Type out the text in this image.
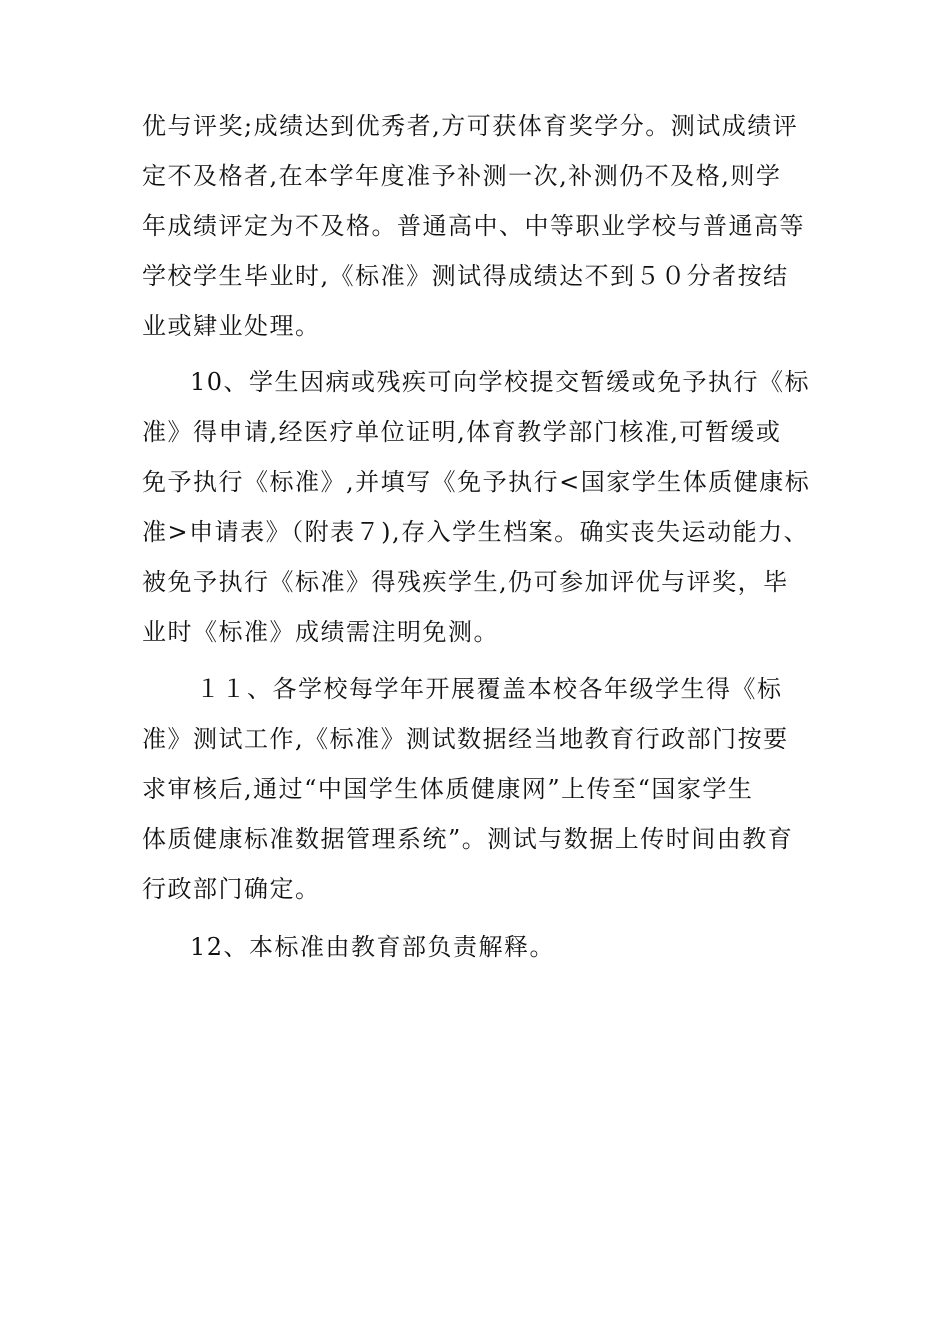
优与评奖;成绩达到优秀者,方可获体育奖学分。测试成绩评
定不及格者,在本学年度准予补测一次,补测仍不及格,则学
年成绩评定为不及格。普通高中、中等职业学校与普通高等
学校学生毕业时,《标准》测试得成绩达不到５０分者按结
业或肄业处理。
10、学生因病或残疾可向学校提交暂缓或免予执行《标
准》得申请,经医疗单位证明,体育教学部门核准,可暂缓或
免予执行《标准》,并填写《免予执行<国家学生体质健康标
准>申请表》（附表７),存入学生档案。确实丧失运动能力、
被免予执行《标准》得残疾学生,仍可参加评优与评奖，毕
业时《标准》成绩需注明免测。
１１、各学校每学年开展覆盖本校各年级学生得《标
准》测试工作,《标准》测试数据经当地教育行政部门按要
求审核后,通过“中国学生体质健康网”上传至“国家学生
体质健康标准数据管理系统”。测试与数据上传时间由教育
行政部门确定。
12、本标准由教育部负责解释。
